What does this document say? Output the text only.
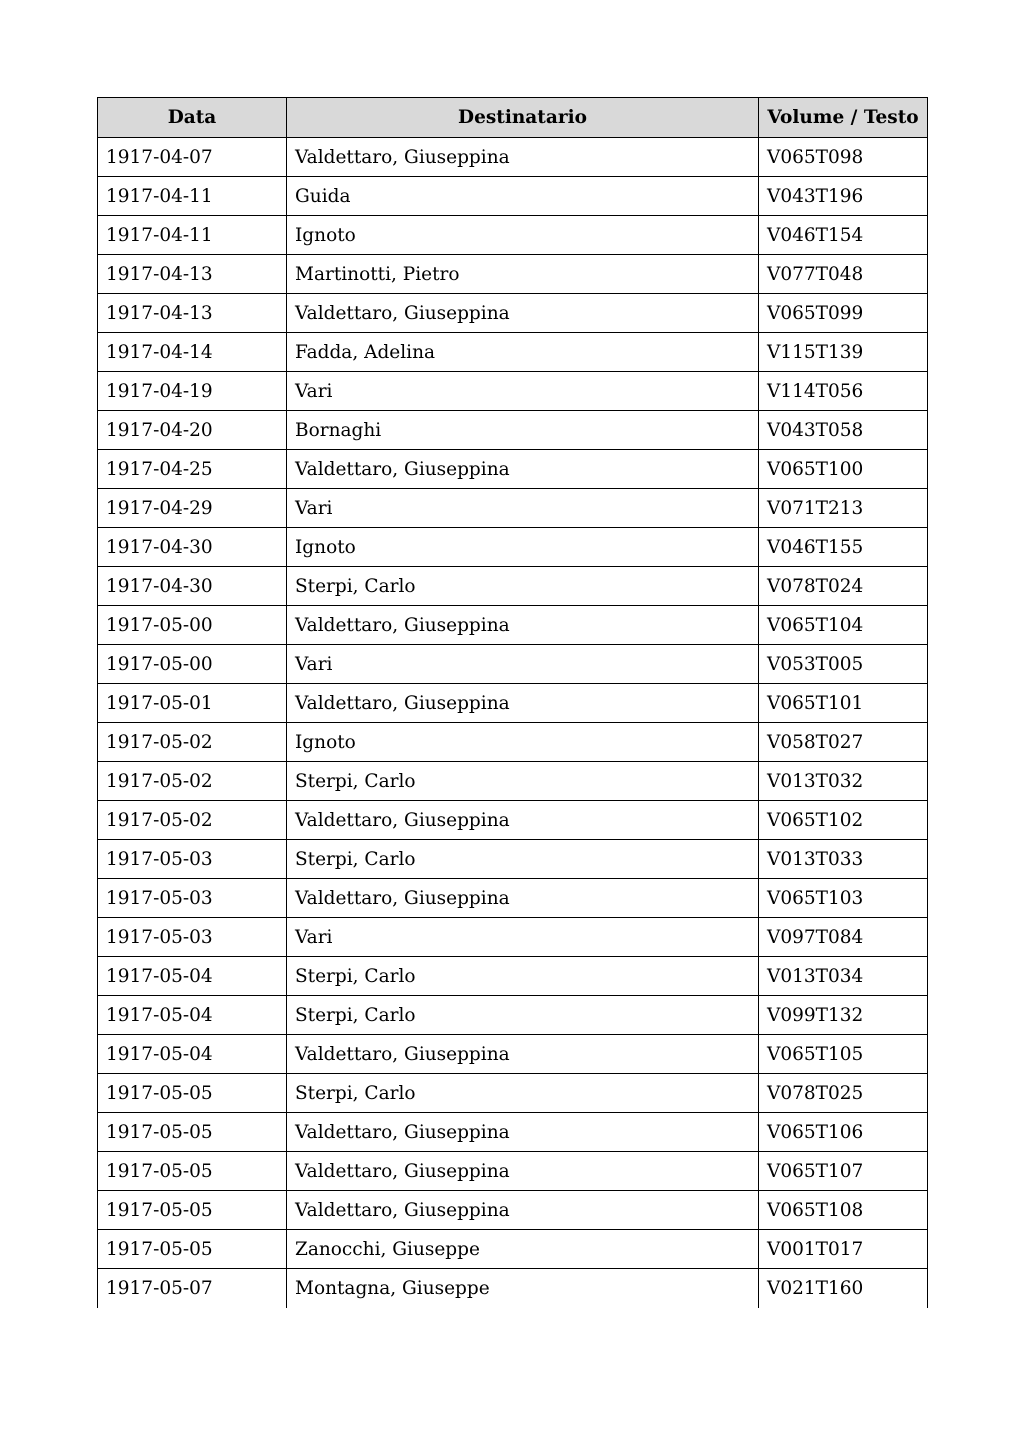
Data	Destinatario	Volume / Testo
1917-04-07	Valdettaro, Giuseppina	V065T098
1917-04-11	Guida	V043T196
1917-04-11	Ignoto	V046T154
1917-04-13	Martinotti, Pietro	V077T048
1917-04-13	Valdettaro, Giuseppina	V065T099
1917-04-14	Fadda, Adelina	V115T139
1917-04-19	Vari	V114T056
1917-04-20	Bornaghi	V043T058
1917-04-25	Valdettaro, Giuseppina	V065T100
1917-04-29	Vari	V071T213
1917-04-30	Ignoto	V046T155
1917-04-30	Sterpi, Carlo	V078T024
1917-05-00	Valdettaro, Giuseppina	V065T104
1917-05-00	Vari	V053T005
1917-05-01	Valdettaro, Giuseppina	V065T101
1917-05-02	Ignoto	V058T027
1917-05-02	Sterpi, Carlo	V013T032
1917-05-02	Valdettaro, Giuseppina	V065T102
1917-05-03	Sterpi, Carlo	V013T033
1917-05-03	Valdettaro, Giuseppina	V065T103
1917-05-03	Vari	V097T084
1917-05-04	Sterpi, Carlo	V013T034
1917-05-04	Sterpi, Carlo	V099T132
1917-05-04	Valdettaro, Giuseppina	V065T105
1917-05-05	Sterpi, Carlo	V078T025
1917-05-05	Valdettaro, Giuseppina	V065T106
1917-05-05	Valdettaro, Giuseppina	V065T107
1917-05-05	Valdettaro, Giuseppina	V065T108
1917-05-05	Zanocchi, Giuseppe	V001T017
1917-05-07	Montagna, Giuseppe	V021T160
